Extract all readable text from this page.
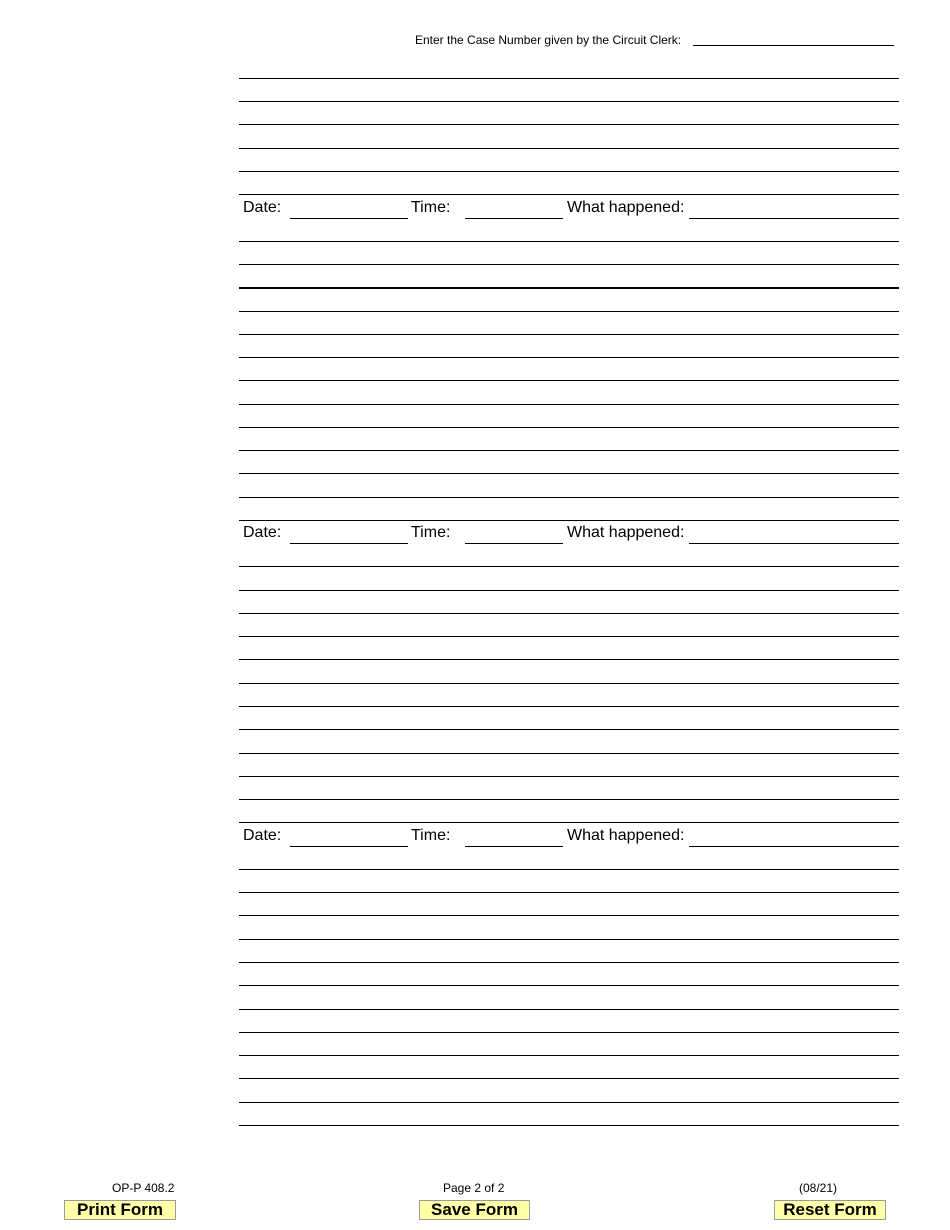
Enter the Case Number given by the Circuit Clerk:
Date:	Time:	What happened:
Date:	Time:	What happened:
Date:	Time:	What happened:
OP-P 408.2	Page 2 of 2	(08/21)
Print Form	Save Form	Reset Form
